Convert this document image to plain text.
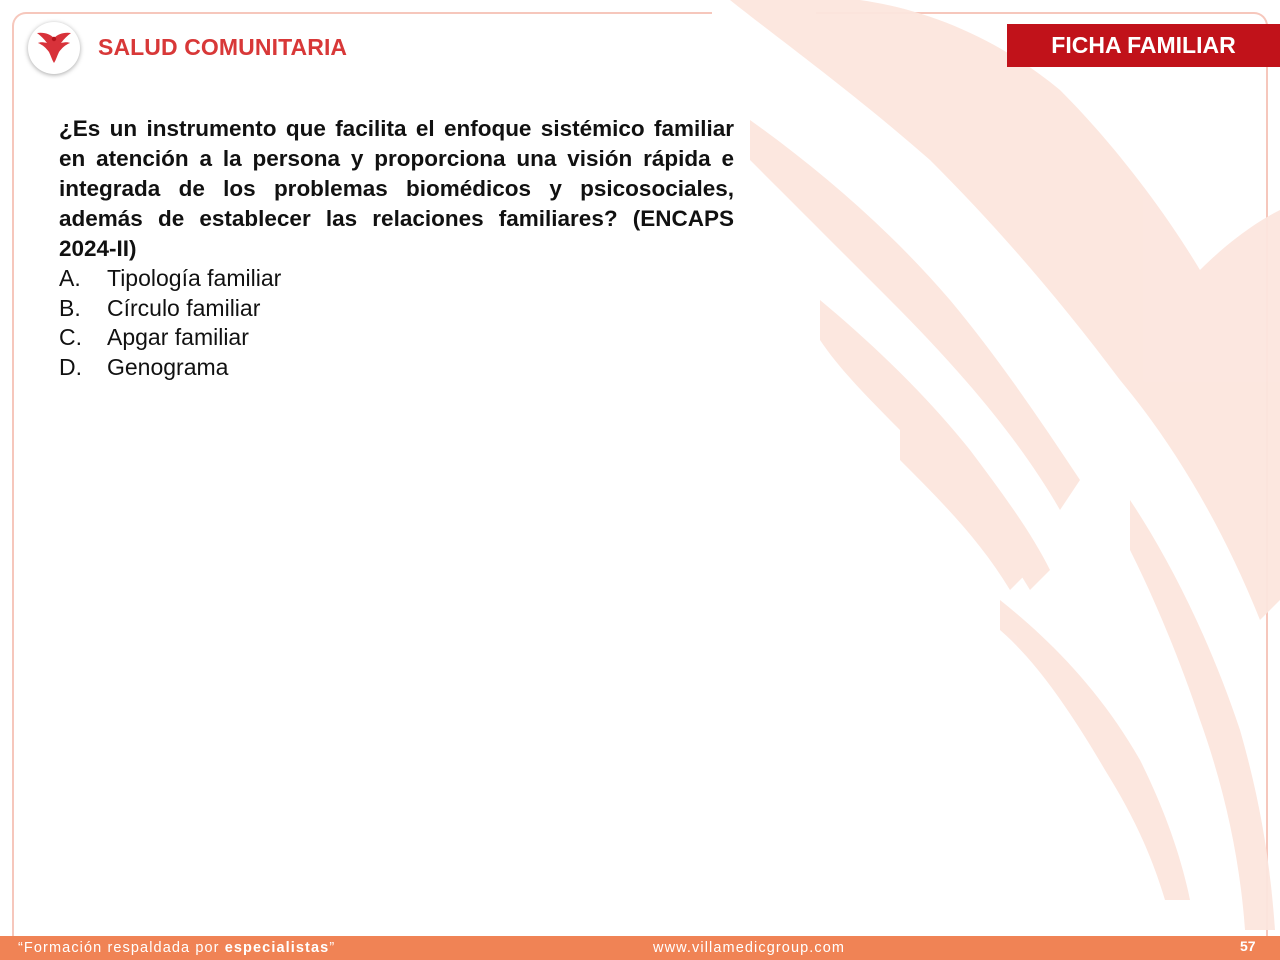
SALUD COMUNITARIA	FICHA FAMILIAR
¿Es un instrumento que facilita el enfoque sistémico familiar en atención a la persona y proporciona una visión rápida e integrada de los problemas biomédicos y psicosociales, además de establecer las relaciones familiares? (ENCAPS 2024-II)
A.	Tipología familiar
B.	Círculo familiar
C.	Apgar familiar
D.	Genograma
“Formación respaldada por especialistas”	www.villamedicgroup.com	57
